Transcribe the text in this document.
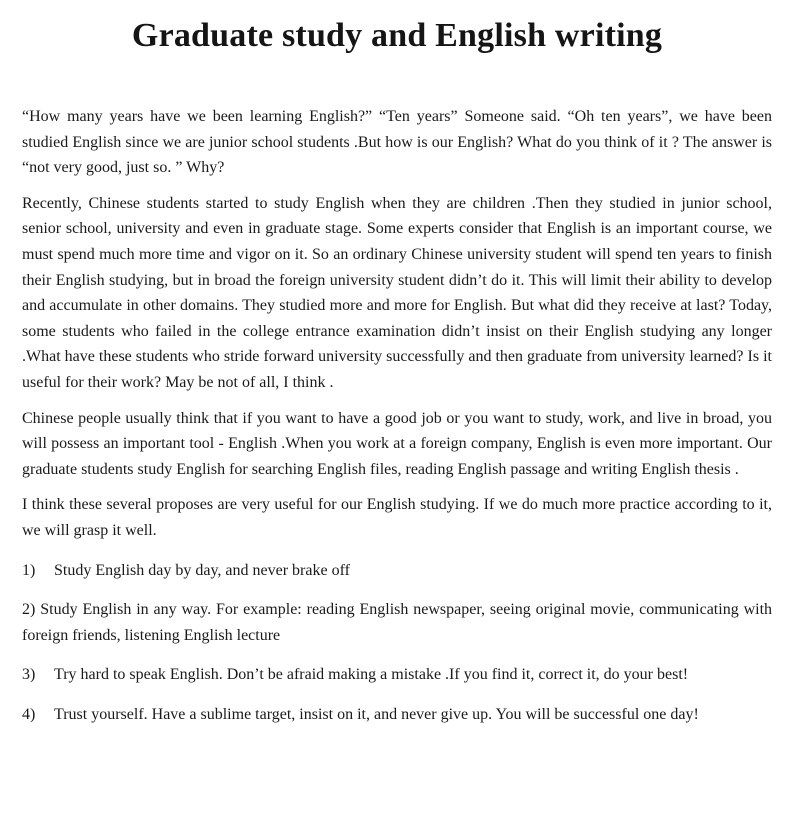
Graduate study and English writing

“How many years have we been learning English?” “Ten years” Someone said. “Oh ten years”, we have been studied English since we are junior school students .But how is our English? What do you think of it ? The answer is “not very good, just so. ” Why?

Recently, Chinese students started to study English when they are children .Then they studied in junior school, senior school, university and even in graduate stage. Some experts consider that English is an important course, we must spend much more time and vigor on it. So an ordinary Chinese university student will spend ten years to finish their English studying, but in broad the foreign university student didn’t do it. This will limit their ability to develop and accumulate in other domains. They studied more and more for English. But what did they receive at last? Today, some students who failed in the college entrance examination didn’t insist on their English studying any longer .What have these students who stride forward university successfully and then graduate from university learned? Is it useful for their work? May be not of all, I think .

Chinese people usually think that if you want to have a good job or you want to study, work, and live in broad, you will possess an important tool - English .When you work at a foreign company, English is even more important. Our graduate students study English for searching English files, reading English passage and writing English thesis .

I think these several proposes are very useful for our English studying. If we do much more practice according to it, we will grasp it well.

1)	Study English day by day, and never brake off
2) Study English in any way. For example: reading English newspaper, seeing original movie, communicating with foreign friends, listening English lecture
3)	Try hard to speak English. Don’t be afraid making a mistake .If you find it, correct it, do your best!
4)	Trust yourself. Have a sublime target, insist on it, and never give up. You will be successful one day!
